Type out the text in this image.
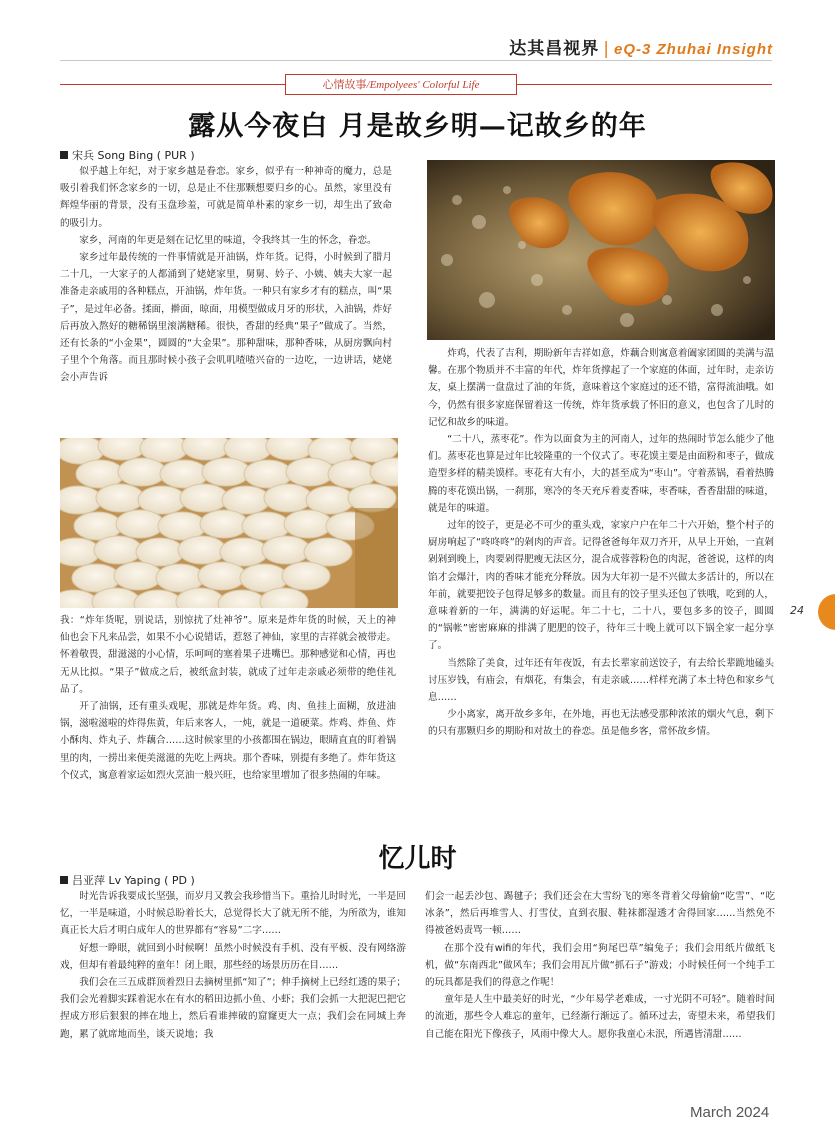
达其昌视界 | eQ-3 Zhuhai Insight
心情故事/Empolyees' Colorful Life
露从今夜白 月是故乡明—记故乡的年
宋兵 Song Bing ( PUR )

似乎越上年纪，对于家乡越是眷恋。家乡，似乎有一种神奇的魔力，总是吸引着我们怀念家乡的一切，总是止不住那颗想要归乡的心。虽然，家里没有辉煌华丽的背景，没有玉盘珍羞，可就是简单朴素的家乡一切，却生出了致命的吸引力。

家乡，河南的年更是刻在记忆里的味道，令我终其一生的怀念，眷恋。

家乡过年最传统的一件事情就是开油锅，炸年货。记得，小时候到了腊月二十几，一大家子的人都涌到了姥姥家里，舅舅、妗子、小姨、姨夫大家一起准备走亲戚用的各种糕点，开油锅，炸年货。一种只有家乡才有的糕点，叫“果子”，是过年必备。揉面，擀面，晾面，用模型做成月牙的形状，入油锅，炸好后再放入熬好的糖稀锅里滚满糖稀。很快，香甜的经典“果子”做成了。当然，还有长条的“小金果”，圆圆的“大金果”。那种甜味，那种香味，从厨房飘向村子里个个角落。而且那时候小孩子会叽叽喳喳兴奋的一边吃，一边讲话，姥姥会小声告诉

我：“炸年货呢，别说话，别惊扰了灶神爷”。原来是炸年货的时候，天上的神仙也会下凡来品尝，如果不小心说错话，惹怒了神仙，家里的吉祥就会被带走。怀着敬畏，甜滋滋的小心情，乐呵呵的塞着果子进嘴巴。那种感觉和心情，再也无从比拟。“果子”做成之后，被纸盒封装，就成了过年走亲戚必须带的绝佳礼品了。

开了油锅，还有重头戏呢，那就是炸年货。鸡、肉、鱼挂上面糊，放进油锅，滋啦滋啦的炸得焦黄，年后来客人，一炖，就是一道硬菜。炸鸡、炸鱼、炸小酥肉、炸丸子、炸藕合……这时候家里的小孩都围在锅边，眼睛直直的盯着锅里的肉，一捞出来便美滋滋的先吃上两块。那个香味，别提有多绝了。炸年货这个仪式，寓意着家运如烈火烹油一般兴旺，也给家里增加了很多热闹的年味。

炸鸡，代表了吉利，期盼新年吉祥如意，炸藕合则寓意着阖家团圆的美满与温馨。在那个物质并不丰富的年代，炸年货撑起了一个家庭的体面，过年时，走亲访友，桌上摆满一盘盘过了油的年货，意味着这个家庭过的还不错，富得流油哦。如今，仍然有很多家庭保留着这一传统，炸年货承载了怀旧的意义，也包含了儿时的记忆和故乡的味道。

“二十八，蒸枣花”。作为以面食为主的河南人，过年的热闹时节怎么能少了他们。蒸枣花也算是过年比较隆重的一个仪式了。枣花馍主要是由面粉和枣子，做成造型多样的精美馍样。枣花有大有小，大的甚至成为“枣山”。守着蒸锅，看着热腾腾的枣花馍出锅，一刹那，寒冷的冬天充斥着麦香味，枣香味，香香甜甜的味道，就是年的味道。

过年的饺子，更是必不可少的重头戏，家家户户在年二十六开始，整个村子的厨房响起了“咚咚咚”的剁肉的声音。记得爸爸每年双刀齐开，从早上开始，一直剁剁剁到晚上，肉要剁得肥瘦无法区分，混合成蓉蓉粉色的肉泥，爸爸说，这样的肉馅才会爆汁，肉的香味才能充分释放。因为大年初一是不兴做太多活计的，所以在年前，就要把饺子包得足够多的数量。而且有的饺子里头还包了铁哦，吃到的人，意味着新的一年，满满的好运呢。年二十七，二十八，要包多多的饺子，圆圆的“锅帐”密密麻麻的排满了肥肥的饺子，待年三十晚上就可以下锅全家一起分享了。

当然除了美食，过年还有年夜饭，有去长辈家前送饺子，有去给长辈跪地磕头讨压岁钱，有庙会，有烟花，有集会，有走亲戚……样样充满了本土特色和家乡气息……

少小离家，离开故乡多年，在外地，再也无法感受那种浓浓的烟火气息，剩下的只有那颗归乡的期盼和对故土的眷恋。虽是他乡客，常怀故乡情。

24
忆儿时
吕亚萍 Lv Yaping ( PD )

时光告诉我要成长坚强，而岁月又教会我珍惜当下。重拾儿时时光，一半是回忆，一半是味道，小时候总盼着长大，总觉得长大了就无所不能，为所欲为，谁知真正长大后才明白成年人的世界都有“容易”二字……

好想一睁眼，就回到小时候啊！虽然小时候没有手机、没有平板、没有网络游戏，但却有着最纯粹的童年！闭上眼，那些经的场景历历在目……

我们会在三五成群顶着烈日去摘树里抓“知了”；伸手摘树上已经红透的果子；我们会光着脚实踩着泥水在有水的稻田边抓小鱼、小虾；我们会抓一大把泥巴把它捏成方形后狠狠的摔在地上，然后看谁摔破的窟窿更大一点；我们会在同城上奔跑，累了就席地而坐，谈天说地；我

们会一起丢沙包、踢毽子；我们还会在大雪纷飞的寒冬背着父母偷偷“吃雪”、“吃冰条”，然后再堆雪人、打雪仗，直到衣服、鞋袜都湿透才舍得回家……当然免不得被爸妈责骂一顿……

在那个没有wifi的年代，我们会用“狗尾巴草”编兔子；我们会用纸片做纸飞机，做“东南西北”做风车；我们会用瓦片做“抓石子”游戏；小时候任何一个纯手工的玩具都是我们的得意之作呢！

童年是人生中最美好的时光，“少年易学老难成，一寸光阴不可轻”。随着时间的流逝，那些令人难忘的童年，已经渐行渐远了。循环过去，寄望未来，希望我们自己能在阳光下像孩子，风雨中像大人。愿你我童心未泯，所遇皆清甜……

March 2024
